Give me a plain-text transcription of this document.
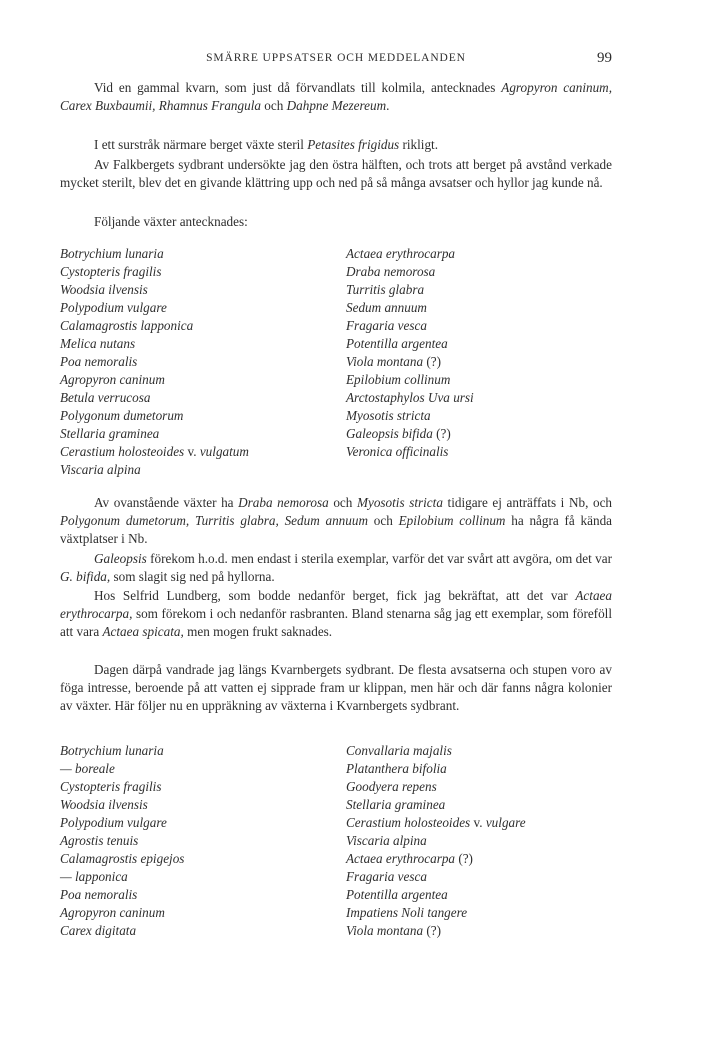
SMÄRRE UPPSATSER OCH MEDDELANDEN	99

Vid en gammal kvarn, som just då förvandlats till kolmila, antecknades Agropyron caninum, Carex Buxbaumii, Rhamnus Frangula och Dahpne Mezereum.

I ett surstråk närmare berget växte steril Petasites frigidus rikligt.

Av Falkbergets sydbrant undersökte jag den östra hälften, och trots att berget på avstånd verkade mycket sterilt, blev det en givande klättring upp och ned på så många avsatser och hyllor jag kunde nå.

Följande växter antecknades:

Botrychium lunaria
Cystopteris fragilis
Woodsia ilvensis
Polypodium vulgare
Calamagrostis lapponica
Melica nutans
Poa nemoralis
Agropyron caninum
Betula verrucosa
Polygonum dumetorum
Stellaria graminea
Cerastium holosteoides v. vulgatum
Viscaria alpina
Actaea erythrocarpa
Draba nemorosa
Turritis glabra
Sedum annuum
Fragaria vesca
Potentilla argentea
Viola montana (?)
Epilobium collinum
Arctostaphylos Uva ursi
Myosotis stricta
Galeopsis bifida (?)
Veronica officinalis

Av ovanstående växter ha Draba nemorosa och Myosotis stricta tidigare ej anträffats i Nb, och Polygonum dumetorum, Turritis glabra, Sedum annuum och Epilobium collinum ha några få kända växtplatser i Nb.

Galeopsis förekom h.o.d. men endast i sterila exemplar, varför det var svårt att avgöra, om det var G. bifida, som slagit sig ned på hyllorna.

Hos Selfrid Lundberg, som bodde nedanför berget, fick jag bekräftat, att det var Actaea erythrocarpa, som förekom i och nedanför rasbranten. Bland stenarna såg jag ett exemplar, som föreföll att vara Actaea spicata, men mogen frukt saknades.

Dagen därpå vandrade jag längs Kvarnbergets sydbrant. De flesta avsatserna och stupen voro av föga intresse, beroende på att vatten ej sipprade fram ur klippan, men här och där fanns några kolonier av växter. Här följer nu en uppräkning av växterna i Kvarnbergets sydbrant.

Botrychium lunaria
— boreale
Cystopteris fragilis
Woodsia ilvensis
Polypodium vulgare
Agrostis tenuis
Calamagrostis epigejos
— lapponica
Poa nemoralis
Agropyron caninum
Carex digitata
Convallaria majalis
Platanthera bifolia
Goodyera repens
Stellaria graminea
Cerastium holosteoides v. vulgare
Viscaria alpina
Actaea erythrocarpa (?)
Fragaria vesca
Potentilla argentea
Impatiens Noli tangere
Viola montana (?)
